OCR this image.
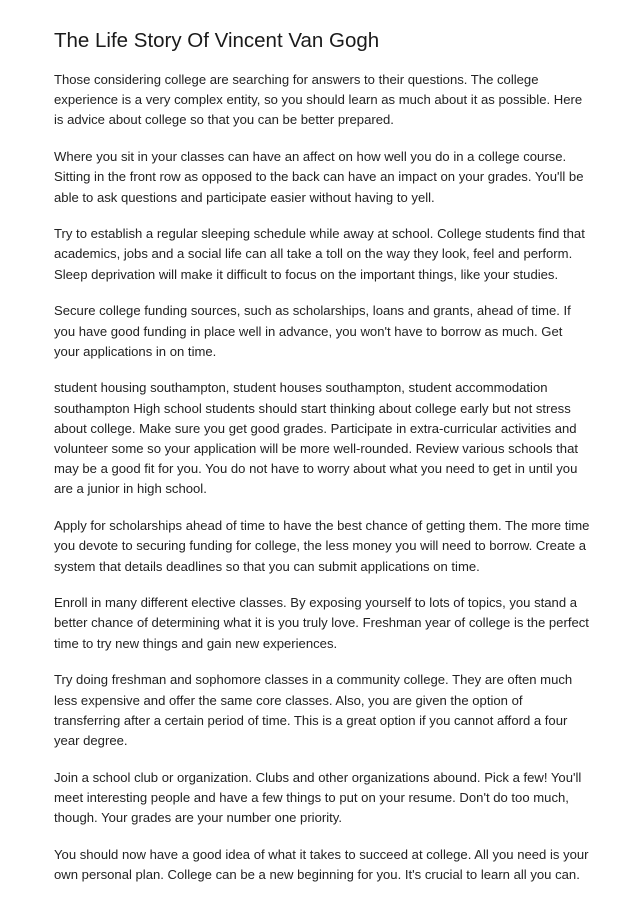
The Life Story Of Vincent Van Gogh

Those considering college are searching for answers to their questions. The college experience is a very complex entity, so you should learn as much about it as possible. Here is advice about college so that you can be better prepared.

Where you sit in your classes can have an affect on how well you do in a college course. Sitting in the front row as opposed to the back can have an impact on your grades. You'll be able to ask questions and participate easier without having to yell.

Try to establish a regular sleeping schedule while away at school. College students find that academics, jobs and a social life can all take a toll on the way they look, feel and perform. Sleep deprivation will make it difficult to focus on the important things, like your studies.

Secure college funding sources, such as scholarships, loans and grants, ahead of time. If you have good funding in place well in advance, you won't have to borrow as much. Get your applications in on time.

student housing southampton, student houses southampton, student accommodation southampton High school students should start thinking about college early but not stress about college. Make sure you get good grades. Participate in extra-curricular activities and volunteer some so your application will be more well-rounded. Review various schools that may be a good fit for you. You do not have to worry about what you need to get in until you are a junior in high school.

Apply for scholarships ahead of time to have the best chance of getting them. The more time you devote to securing funding for college, the less money you will need to borrow. Create a system that details deadlines so that you can submit applications on time.

Enroll in many different elective classes. By exposing yourself to lots of topics, you stand a better chance of determining what it is you truly love. Freshman year of college is the perfect time to try new things and gain new experiences.

Try doing freshman and sophomore classes in a community college. They are often much less expensive and offer the same core classes. Also, you are given the option of transferring after a certain period of time. This is a great option if you cannot afford a four year degree.

Join a school club or organization. Clubs and other organizations abound. Pick a few! You'll meet interesting people and have a few things to put on your resume. Don't do too much, though. Your grades are your number one priority.

You should now have a good idea of what it takes to succeed at college. All you need is your own personal plan. College can be a new beginning for you. It's crucial to learn all you can.
